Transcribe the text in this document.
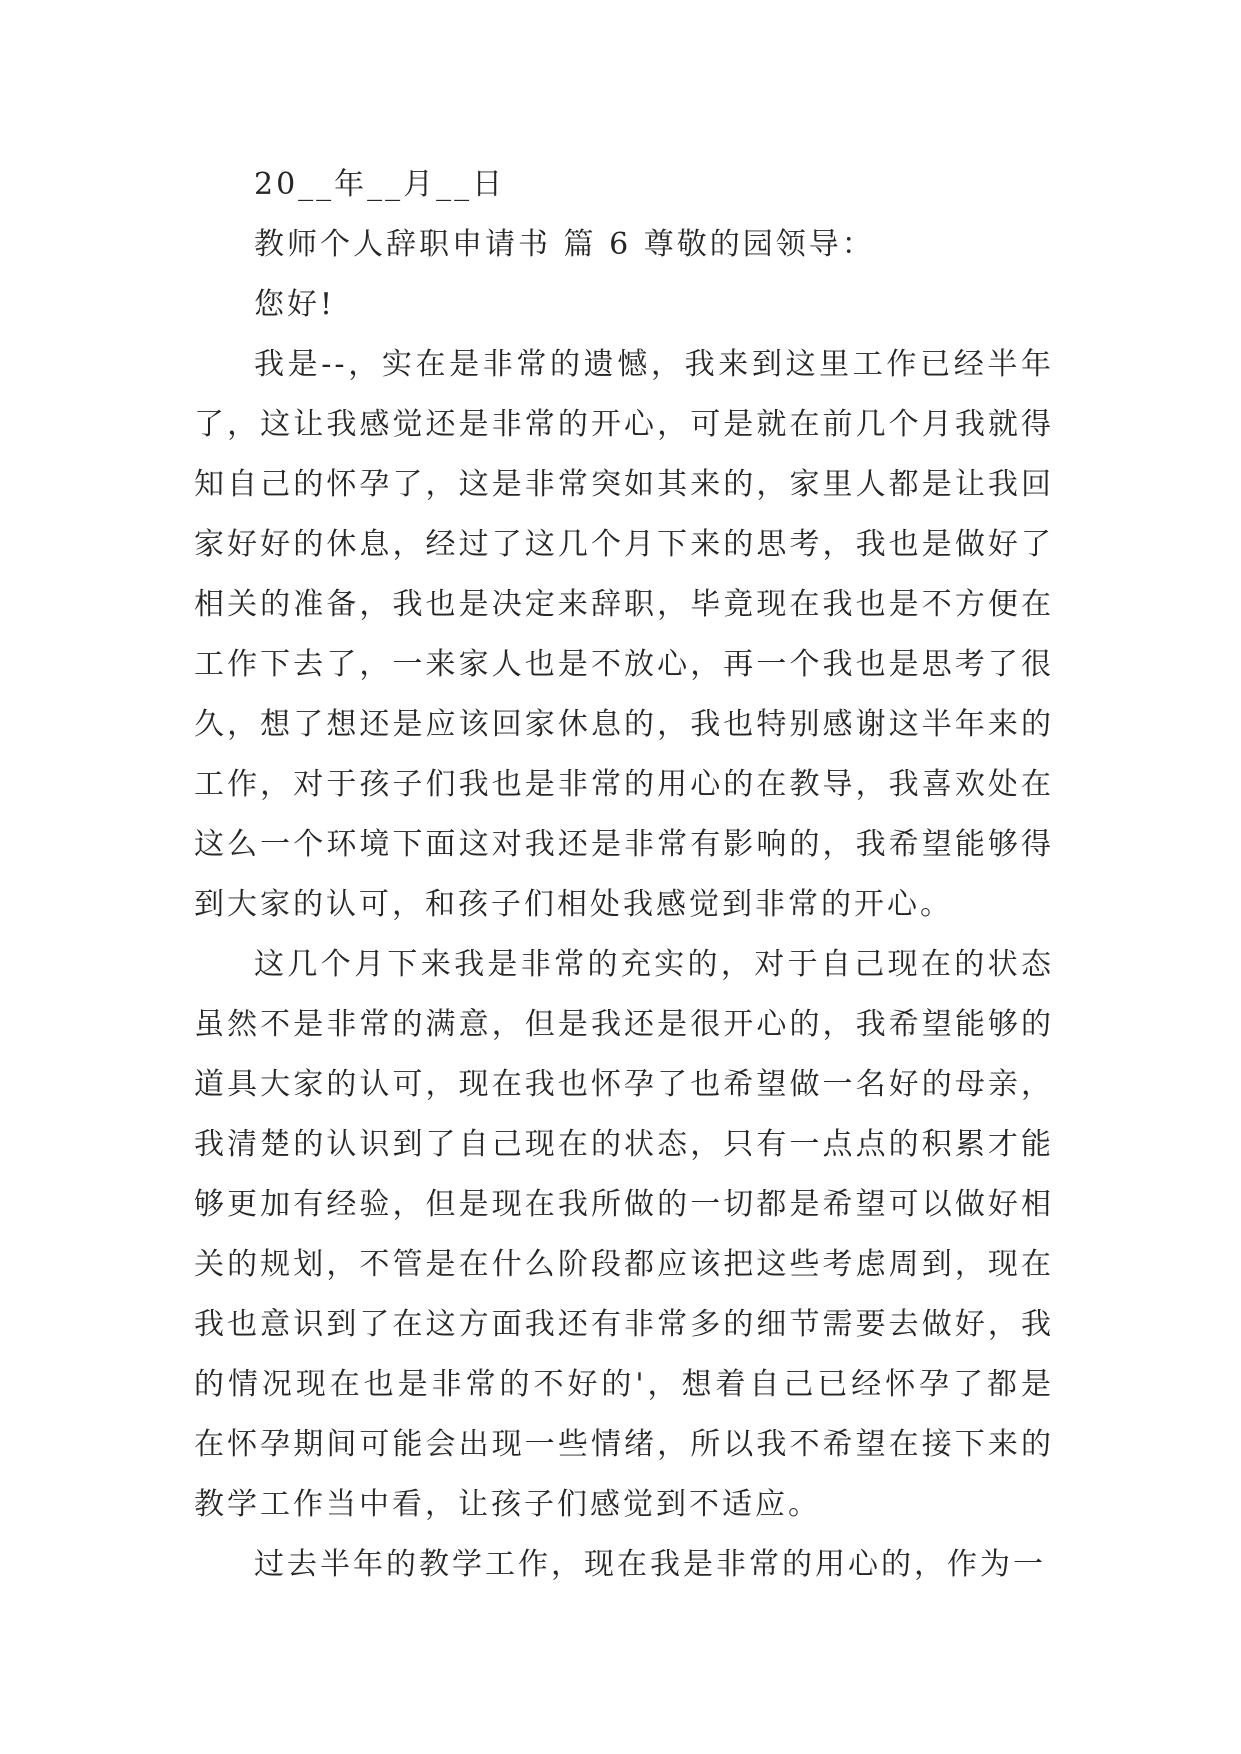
20__年__月__日

教师个人辞职申请书 篇 6 尊敬的园领导：

您好!

我是--，实在是非常的遗憾，我来到这里工作已经半年了，这让我感觉还是非常的开心，可是就在前几个月我就得知自己的怀孕了，这是非常突如其来的，家里人都是让我回家好好的休息，经过了这几个月下来的思考，我也是做好了相关的准备，我也是决定来辞职，毕竟现在我也是不方便在工作下去了，一来家人也是不放心，再一个我也是思考了很久，想了想还是应该回家休息的，我也特别感谢这半年来的工作，对于孩子们我也是非常的用心的在教导，我喜欢处在这么一个环境下面这对我还是非常有影响的，我希望能够得到大家的认可，和孩子们相处我感觉到非常的开心。

这几个月下来我是非常的充实的，对于自己现在的状态虽然不是非常的满意，但是我还是很开心的，我希望能够的道具大家的认可，现在我也怀孕了也希望做一名好的母亲，我清楚的认识到了自己现在的状态，只有一点点的积累才能够更加有经验，但是现在我所做的一切都是希望可以做好相关的规划，不管是在什么阶段都应该把这些考虑周到，现在我也意识到了在这方面我还有非常多的细节需要去做好，我的情况现在也是非常的不好的'，想着自己已经怀孕了都是在怀孕期间可能会出现一些情绪，所以我不希望在接下来的教学工作当中看，让孩子们感觉到不适应。

过去半年的教学工作，现在我是非常的用心的，作为一
